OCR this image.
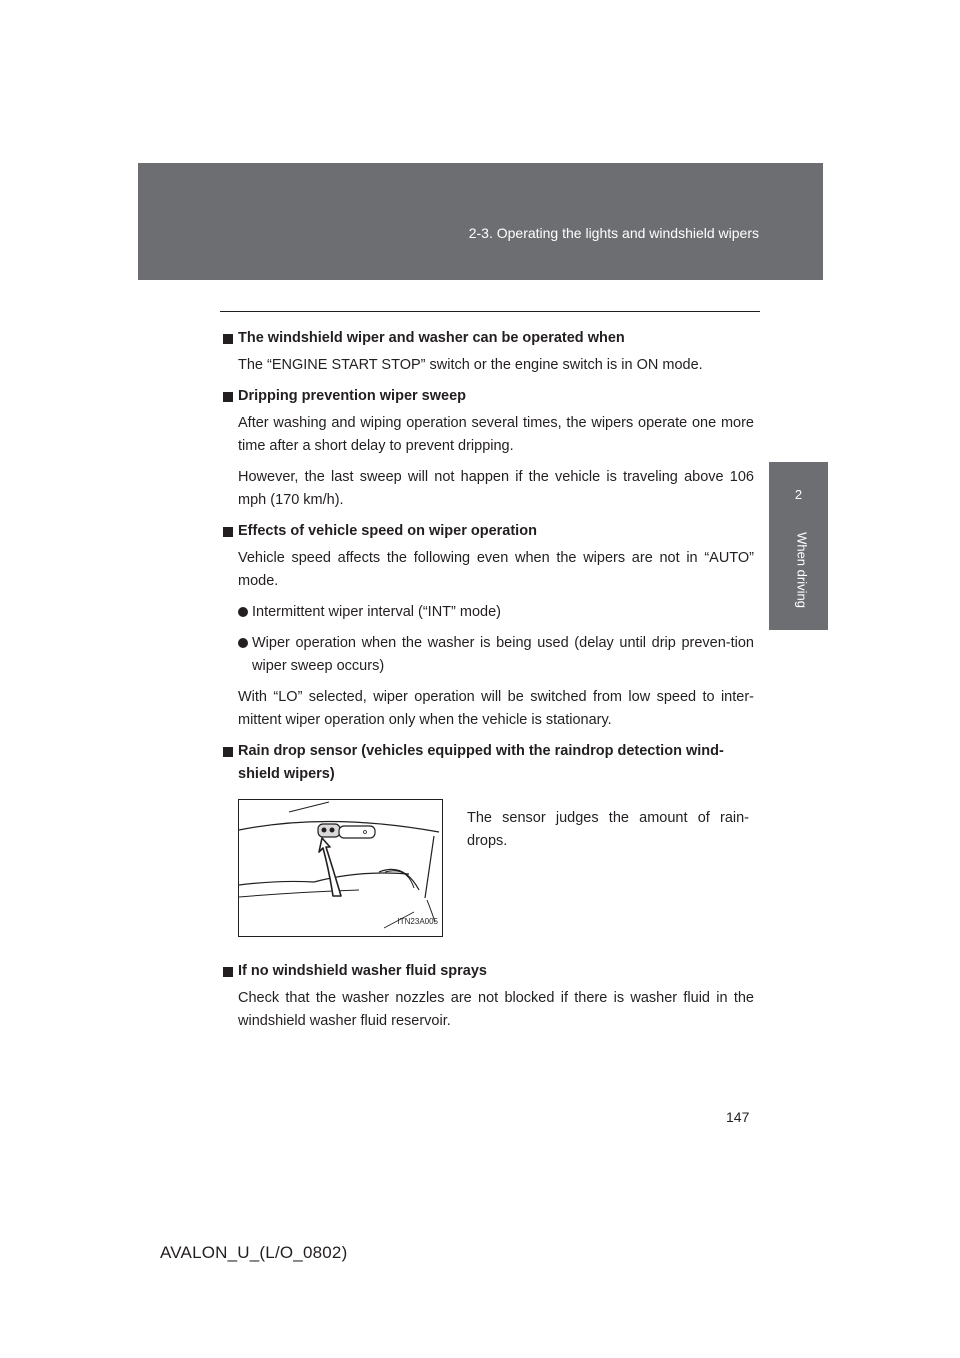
2-3. Operating the lights and windshield wipers
2
When driving
The windshield wiper and washer can be operated when

The “ENGINE START STOP” switch or the engine switch is in ON mode.

Dripping prevention wiper sweep

After washing and wiping operation several times, the wipers operate one more time after a short delay to prevent dripping.

However, the last sweep will not happen if the vehicle is traveling above 106 mph (170 km/h).

Effects of vehicle speed on wiper operation

Vehicle speed affects the following even when the wipers are not in “AUTO” mode.

Intermittent wiper interval (“INT” mode)
Wiper operation when the washer is being used (delay until drip preven-tion wiper sweep occurs)

With “LO” selected, wiper operation will be switched from low speed to inter-mittent wiper operation only when the vehicle is stationary.

Rain drop sensor (vehicles equipped with the raindrop detection wind-shield wipers)
ITN23A005

The sensor judges the amount of rain-drops.

If no windshield washer fluid sprays

Check that the washer nozzles are not blocked if there is washer fluid in the windshield washer fluid reservoir.

147
AVALON_U_(L/O_0802)
